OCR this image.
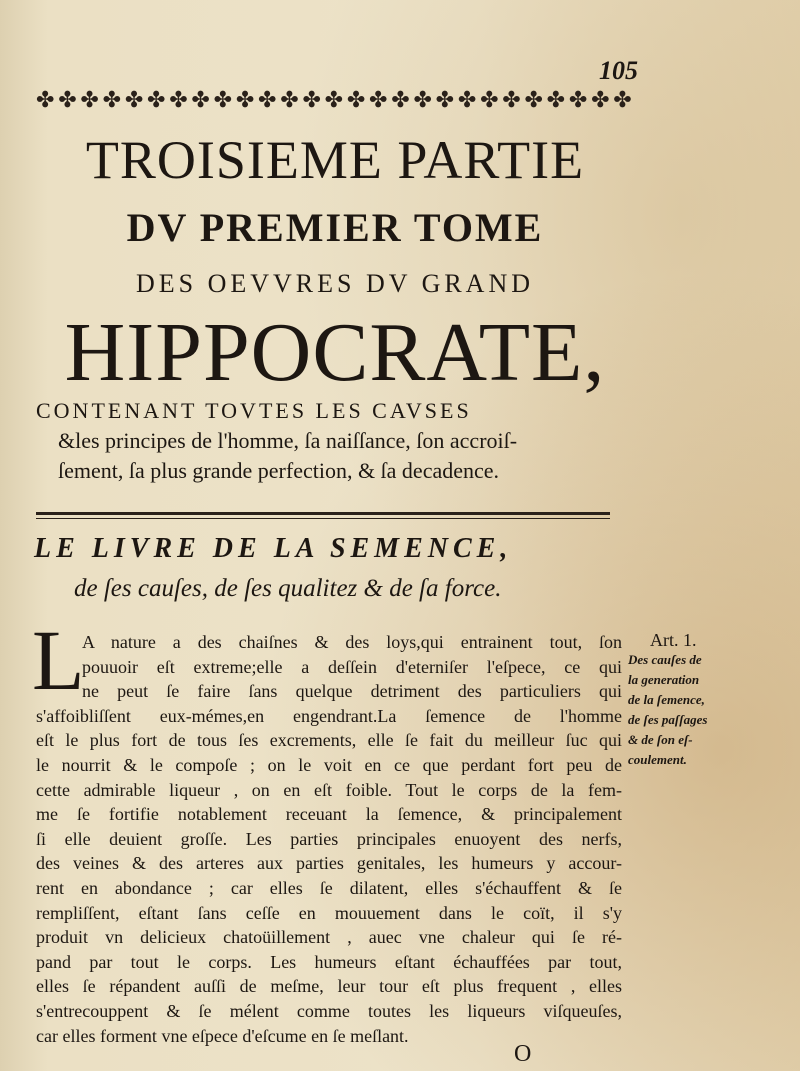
105
✤ ✤ ✤ ✤ ✤ ✤ ✤ ✤ ✤ ✤ ✤ ✤ ✤ ✤ ✤ ✤ ✤ ✤ ✤ ✤ ✤ ✤ ✤ ✤ ✤ ✤ ✤
TROISIEME PARTIE
DV PREMIER TOME
DES OEVVRES DV GRAND
HIPPOCRATE,
CONTENANT TOVTES LES CAVSES
&les principes de l'homme, ſa naiſſance, ſon accroiſ-
ſement, ſa plus grande perfection, & ſa decadence.
LE LIVRE DE LA SEMENCE,
de ſes cauſes, de ſes qualitez & de ſa force.
L
A nature a des chaiſnes & des loys,qui entrainent tout, ſon
pouuoir eſt extreme;elle a deſſein d'eterniſer l'eſpece, ce qui
ne peut ſe faire ſans quelque detriment des particuliers qui
s'affoibliſſent eux-mémes,en engendrant.La ſemence de l'homme
eſt le plus fort de tous ſes excrements, elle ſe fait du meilleur ſuc qui
le nourrit & le compoſe ; on le voit en ce que perdant fort peu de
cette admirable liqueur , on en eſt foible. Tout le corps de la fem-
me ſe fortifie notablement receuant la ſemence, & principalement
ſi elle deuient groſſe. Les parties principales enuoyent des nerfs,
des veines & des arteres aux parties genitales, les humeurs y accour-
rent en abondance ; car elles ſe dilatent, elles s'échauffent & ſe
rempliſſent, eſtant ſans ceſſe en mouuement dans le coït, il s'y
produit vn delicieux chatoüillement , auec vne chaleur qui ſe ré-
pand par tout le corps. Les humeurs eſtant échauffées par tout,
elles ſe répandent auſſi de meſme, leur tour eſt plus frequent , elles
s'entrecouppent & ſe mélent comme toutes les liqueurs viſqueuſes,
car elles forment vne eſpece d'eſcume en ſe meſlant.
Art. 1.
Des cauſes de
la generation
de la ſemence,
de ſes paſſages
& de ſon eſ-
coulement.
O
